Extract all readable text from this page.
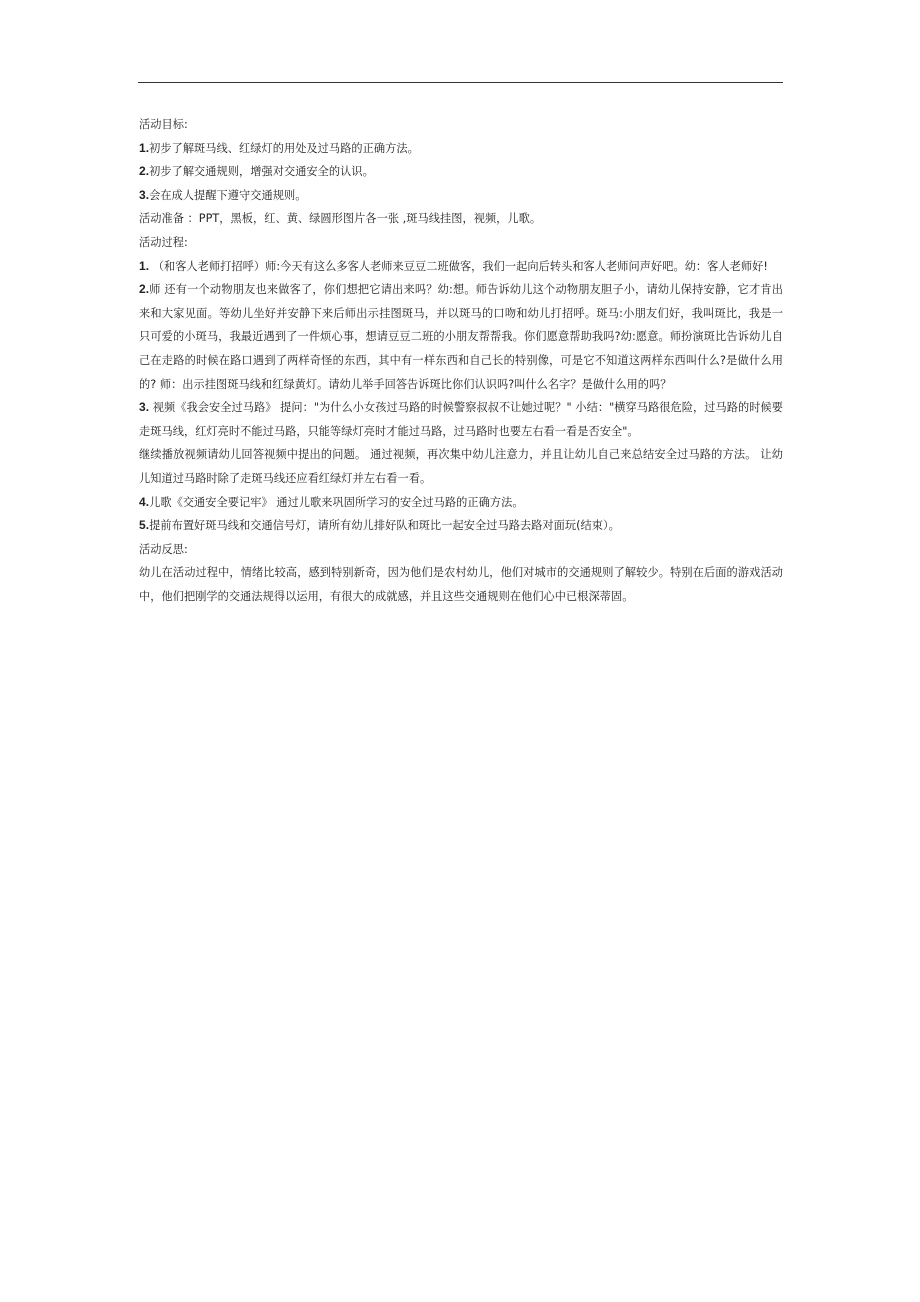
活动目标:

1.初步了解斑马线、红绿灯的用处及过马路的正确方法。

2.初步了解交通规则，增强对交通安全的认识。

3.会在成人提醒下遵守交通规则。

活动准备 ：PPT，黑板，红、黄、绿圆形图片各一张 ,斑马线挂图，视频，儿歌。

活动过程:

1. （和客人老师打招呼）师:今天有这么多客人老师来豆豆二班做客，我们一起向后转头和客人老师问声好吧。幼：客人老师好!

2.师 还有一个动物朋友也来做客了，你们想把它请出来吗？幼:想。师告诉幼儿这个动物朋友胆子小，请幼儿保持安静，它才肯出来和大家见面。等幼儿坐好并安静下来后师出示挂图斑马，并以斑马的口吻和幼儿打招呼。斑马:小朋友们好，我叫斑比，我是一只可爱的小斑马，我最近遇到了一件烦心事，想请豆豆二班的小朋友帮帮我。你们愿意帮助我吗?幼:愿意。师扮演斑比告诉幼儿自己在走路的时候在路口遇到了两样奇怪的东西，其中有一样东西和自己长的特别像，可是它不知道这两样东西叫什么?是做什么用的? 师：出示挂图斑马线和红绿黄灯。请幼儿举手回答告诉斑比你们认识吗?叫什么名字？是做什么用的吗？

3. 视频《我会安全过马路》 提问："为什么小女孩过马路的时候警察叔叔不让她过呢？" 小结："横穿马路很危险，过马路的时候要走斑马线，红灯亮时不能过马路，只能等绿灯亮时才能过马路，过马路时也要左右看一看是否安全"。

继续播放视频请幼儿回答视频中提出的问题。 通过视频，再次集中幼儿注意力，并且让幼儿自己来总结安全过马路的方法。 让幼儿知道过马路时除了走斑马线还应看红绿灯并左右看一看。

4.儿歌《交通安全要记牢》 通过儿歌来巩固所学习的安全过马路的正确方法。

5.提前布置好斑马线和交通信号灯，请所有幼儿排好队和斑比一起安全过马路去路对面玩(结束）。

活动反思:

幼儿在活动过程中，情绪比较高，感到特别新奇，因为他们是农村幼儿，他们对城市的交通规则了解较少。特别在后面的游戏活动中，他们把刚学的交通法规得以运用，有很大的成就感，并且这些交通规则在他们心中已根深蒂固。
